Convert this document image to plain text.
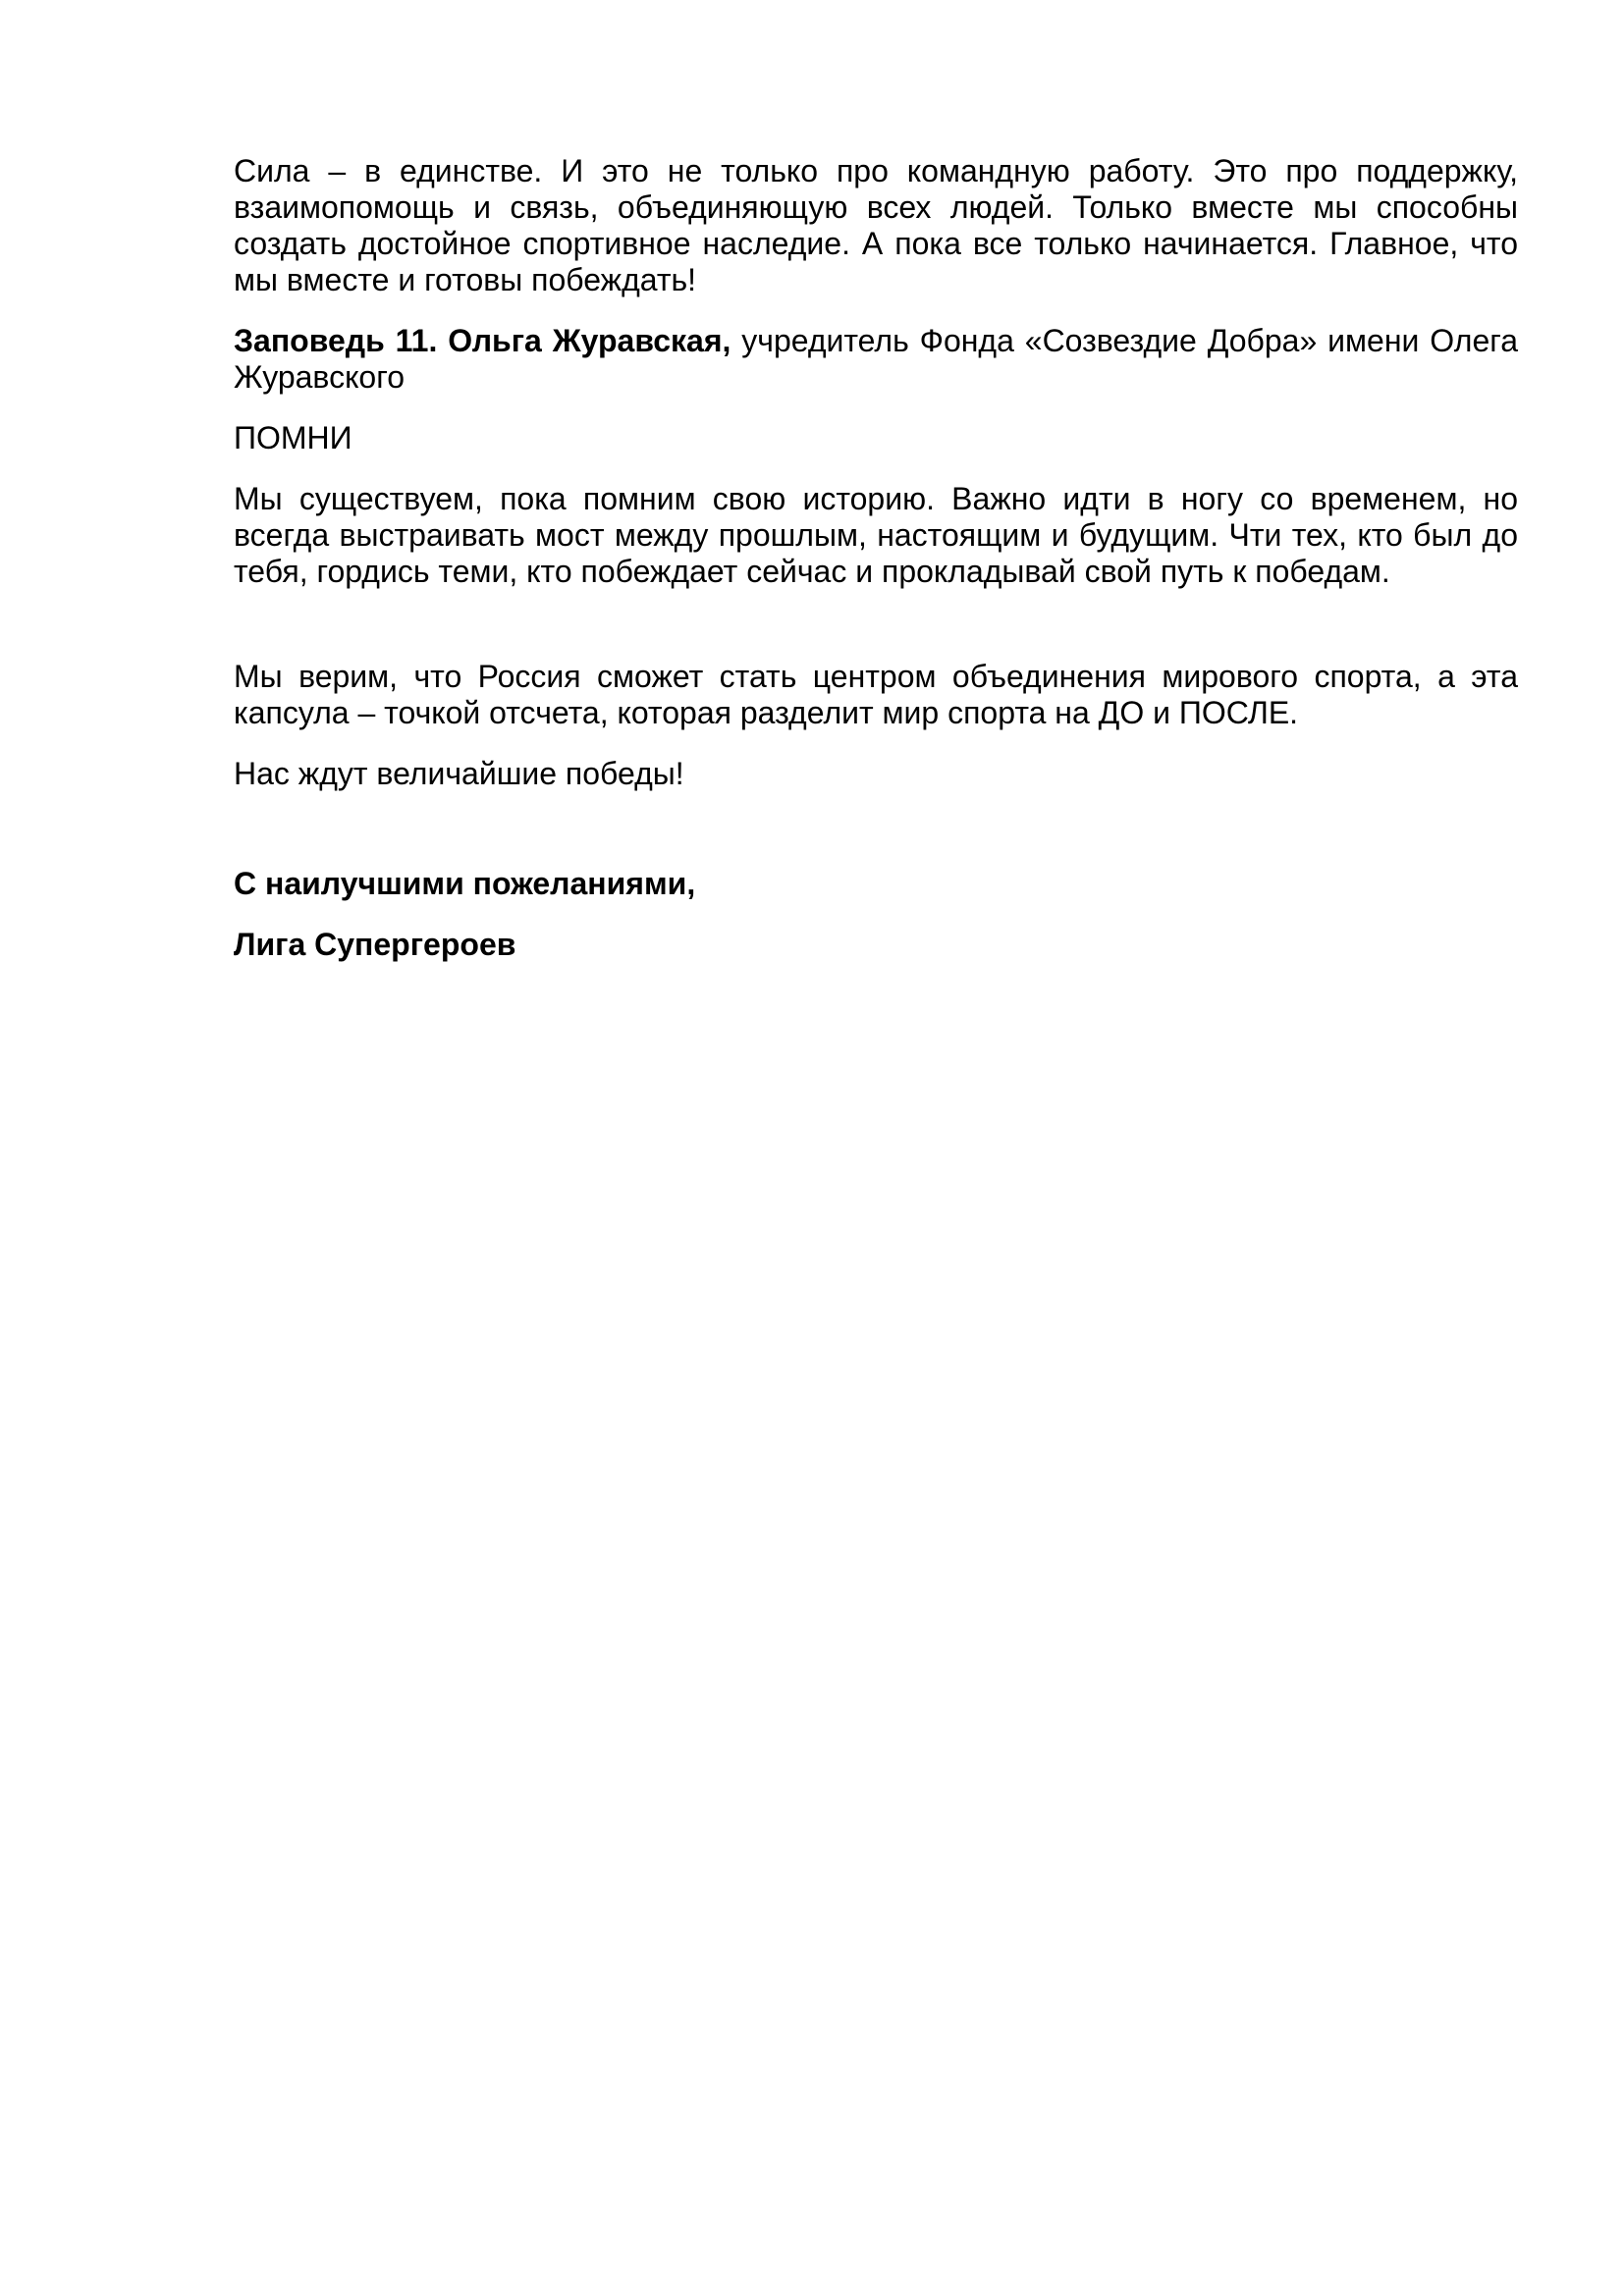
Сила – в единстве. И это не только про командную работу. Это про поддержку, взаимопомощь и связь, объединяющую всех людей. Только вместе мы способны создать достойное спортивное наследие. А пока все только начинается. Главное, что мы вместе и готовы побеждать!

Заповедь 11. Ольга Журавская, учредитель Фонда «Созвездие Добра» имени Олега Журавского

ПОМНИ

Мы существуем, пока помним свою историю. Важно идти в ногу со временем, но всегда выстраивать мост между прошлым, настоящим и будущим. Чти тех, кто был до тебя, гордись теми, кто побеждает сейчас и прокладывай свой путь к победам.

Мы верим, что Россия сможет стать центром объединения мирового спорта, а эта капсула – точкой отсчета, которая разделит мир спорта на ДО и ПОСЛЕ.

Нас ждут величайшие победы!

С наилучшими пожеланиями,

Лига Супергероев
